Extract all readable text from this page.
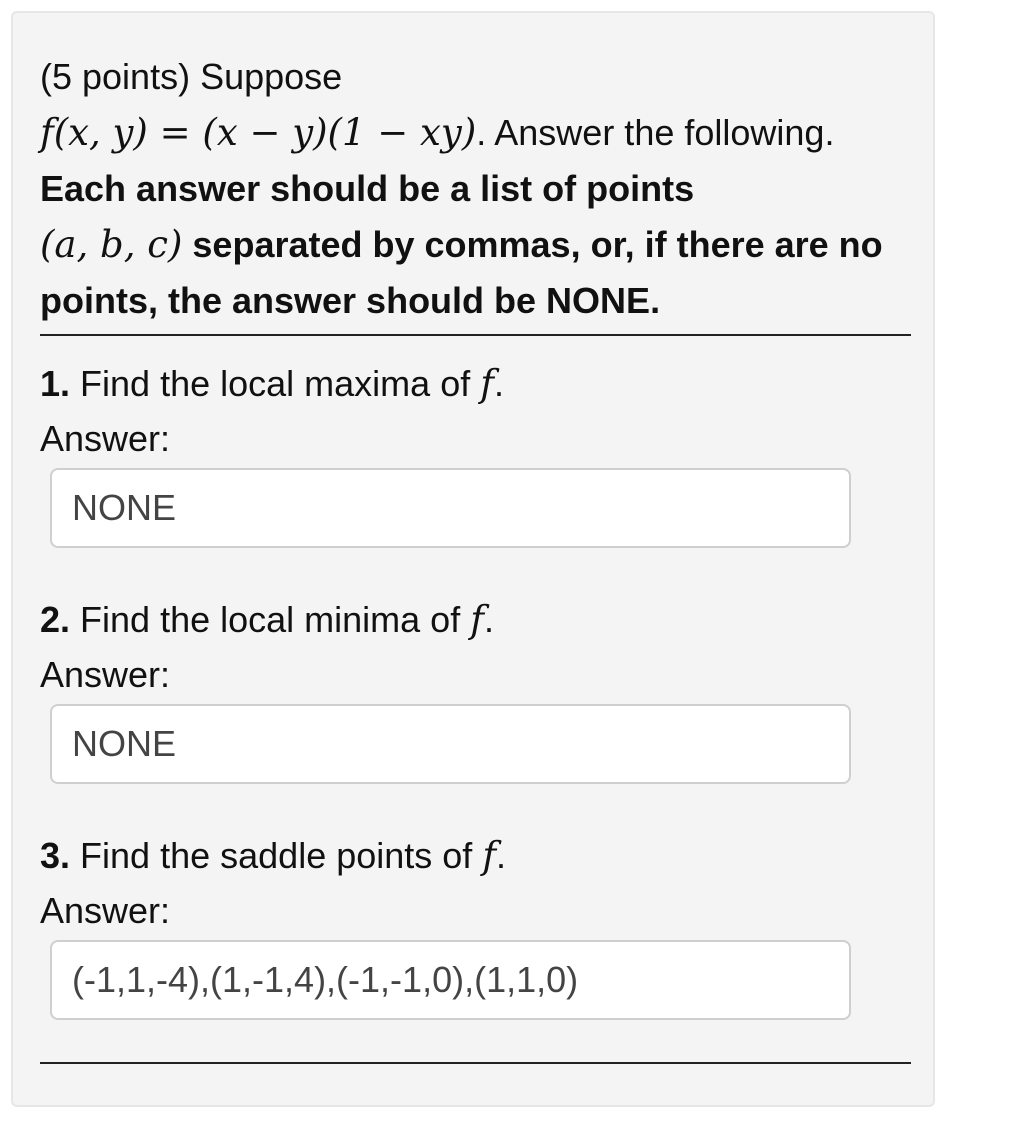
(5 points) Suppose
f(x, y) = (x − y)(1 − xy). Answer the following. Each answer should be a list of points
(a, b, c) separated by commas, or, if there are no points, the answer should be NONE.
1. Find the local maxima of f.
Answer:
NONE
2. Find the local minima of f.
Answer:
NONE
3. Find the saddle points of f.
Answer:
(-1,1,-4),(1,-1,4),(-1,-1,0),(1,1,0)
